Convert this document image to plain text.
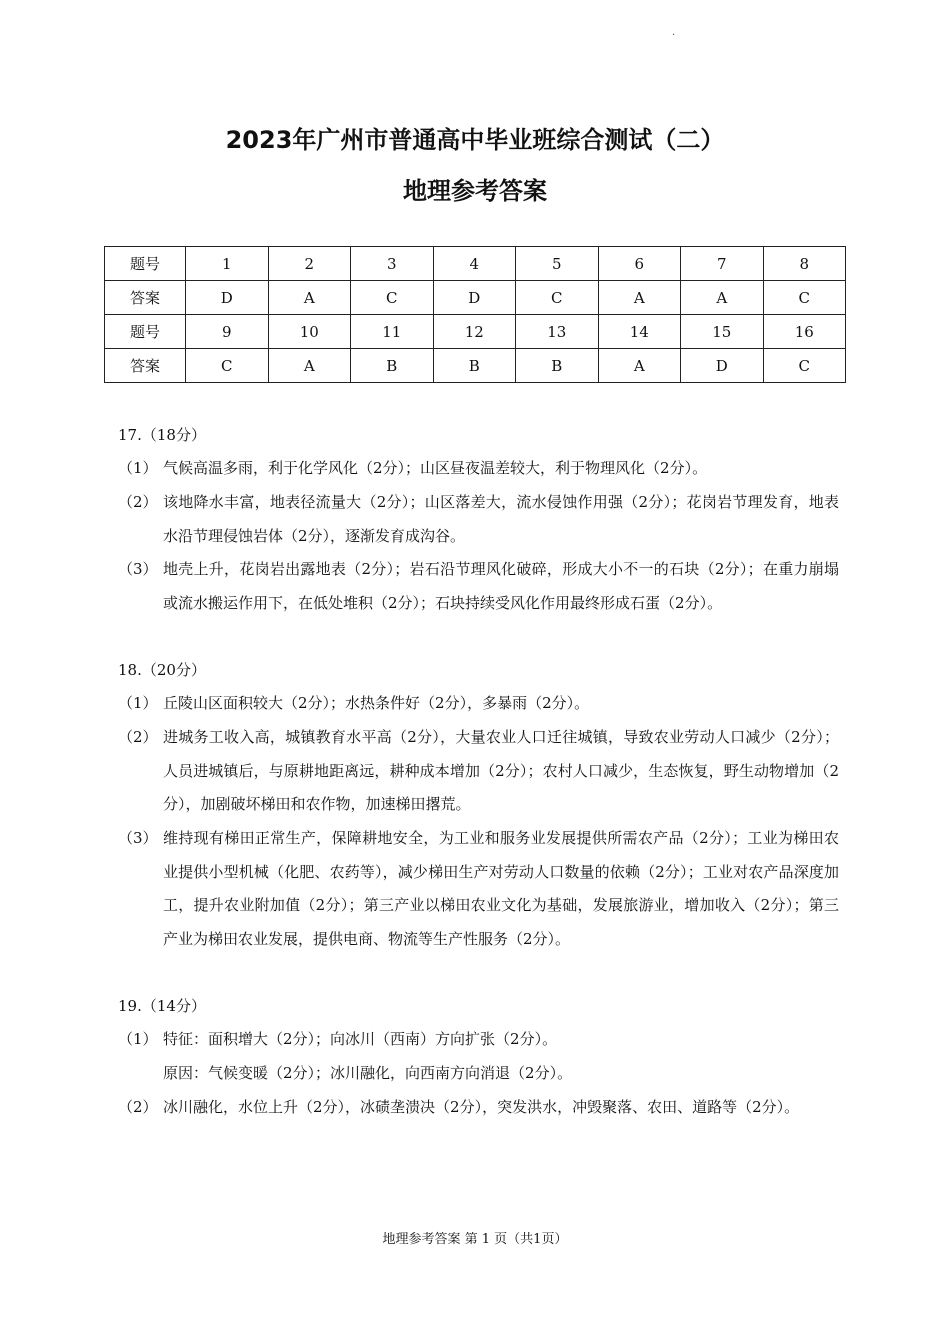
·
2023年广州市普通高中毕业班综合测试（二）
地理参考答案
题号	1	2	3	4	5	6	7	8
答案	D	A	C	D	C	A	A	C
题号	9	10	11	12	13	14	15	16
答案	C	A	B	B	B	A	D	C
17.（18分）
（1） 气候高温多雨，利于化学风化（2分）；山区昼夜温差较大，利于物理风化（2分）。
（2） 该地降水丰富，地表径流量大（2分）；山区落差大，流水侵蚀作用强（2分）；花岗岩节理发育，地表水沿节理侵蚀岩体（2分），逐渐发育成沟谷。
（3） 地壳上升，花岗岩出露地表（2分）；岩石沿节理风化破碎，形成大小不一的石块（2分）；在重力崩塌或流水搬运作用下，在低处堆积（2分）；石块持续受风化作用最终形成石蛋（2分）。
18.（20分）
（1） 丘陵山区面积较大（2分）；水热条件好（2分），多暴雨（2分）。
（2） 进城务工收入高，城镇教育水平高（2分），大量农业人口迁往城镇，导致农业劳动人口减少（2分）；人员进城镇后，与原耕地距离远，耕种成本增加（2分）；农村人口减少，生态恢复，野生动物增加（2分），加剧破坏梯田和农作物，加速梯田撂荒。
（3） 维持现有梯田正常生产，保障耕地安全，为工业和服务业发展提供所需农产品（2分）；工业为梯田农业提供小型机械（化肥、农药等），减少梯田生产对劳动人口数量的依赖（2分）；工业对农产品深度加工，提升农业附加值（2分）；第三产业以梯田农业文化为基础，发展旅游业，增加收入（2分）；第三产业为梯田农业发展，提供电商、物流等生产性服务（2分）。
19.（14分）
（1） 特征：面积增大（2分）；向冰川（西南）方向扩张（2分）。
原因：气候变暖（2分）；冰川融化，向西南方向消退（2分）。
（2） 冰川融化，水位上升（2分），冰碛垄溃决（2分），突发洪水，冲毁聚落、农田、道路等（2分）。
地理参考答案 第 1 页（共1页）
